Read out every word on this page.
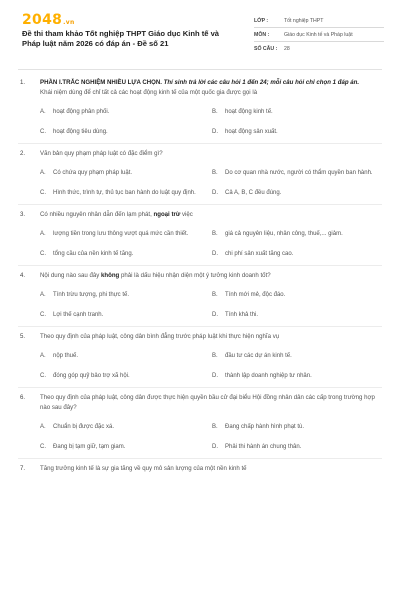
2048.vn
Đề thi tham khảo Tốt nghiệp THPT Giáo dục Kinh tế và Pháp luật năm 2026 có đáp án - Đề số 21
LỚP :	Tốt nghiệp THPT
MÔN :	Giáo dục Kinh tế và Pháp luật
SỐ CÂU :	28
1.	PHẦN I.TRẮC NGHIỆM NHIỀU LỰA CHỌN. Thí sinh trả lời các câu hỏi 1 đến 24; mỗi câu hỏi chỉ chọn 1 đáp án.
Khái niệm dùng để chỉ tất cả các hoạt động kinh tế của một quốc gia được gọi là
A.	hoạt động phân phối.	B.	hoạt động kinh tế.
C.	hoạt động tiêu dùng.	D.	hoạt động sản xuất.
2.	Văn bản quy phạm pháp luật có đặc điểm gì?
A.	Có chứa quy phạm pháp luật.	B.	Do cơ quan nhà nước, người có thẩm quyền ban hành.
C.	Hình thức, trình tự, thủ tục ban hành do luật quy định.	D.	Cả A, B, C đều đúng.
3.	Có nhiều nguyên nhân dẫn đến lạm phát, ngoại trừ việc
A.	lượng tiền trong lưu thông vượt quá mức cần thiết.	B.	giá cả nguyên liệu, nhân công, thuế,... giảm.
C.	tổng cầu của nền kinh tế tăng.	D.	chi phí sản xuất tăng cao.
4.	Nội dung nào sau đây không phải là dấu hiệu nhận diện một ý tưởng kinh doanh tốt?
A.	Tính trừu tượng, phi thực tế.	B.	Tính mới mẻ, độc đáo.
C.	Lợi thế cạnh tranh.	D.	Tính khả thi.
5.	Theo quy định của pháp luật, công dân bình đẳng trước pháp luật khi thực hiện nghĩa vụ
A.	nộp thuế.	B.	đầu tư các dự án kinh tế.
C.	đóng góp quỹ bảo trợ xã hội.	D.	thành lập doanh nghiệp tư nhân.
6.	Theo quy định của pháp luật, công dân được thực hiện quyền bầu cử đại biểu Hội đồng nhân dân các cấp trong trường hợp nào sau đây?
A.	Chuẩn bị được đặc xá.	B.	Đang chấp hành hình phạt tù.
C.	Đang bị tạm giữ, tạm giam.	D.	Phải thi hành án chung thân.
7.	Tăng trưởng kinh tế là sự gia tăng về quy mô sản lượng của một nền kinh tế
